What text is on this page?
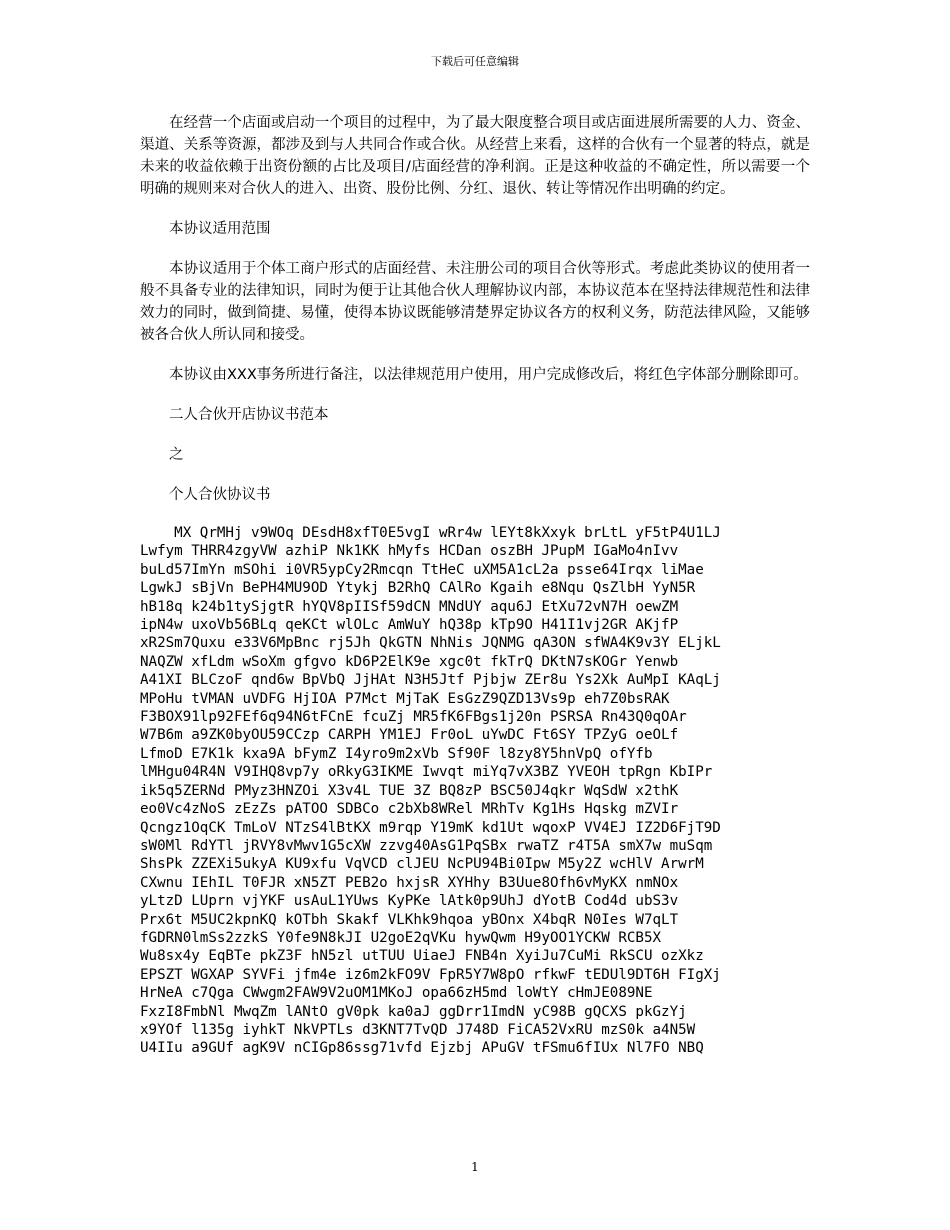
下载后可任意编辑

在经营一个店面或启动一个项目的过程中，为了最大限度整合项目或店面进展所需要的人力、资金、渠道、关系等资源，都涉及到与人共同合作或合伙。从经营上来看，这样的合伙有一个显著的特点，就是未来的收益依赖于出资份额的占比及项目/店面经营的净利润。正是这种收益的不确定性，所以需要一个明确的规则来对合伙人的进入、出资、股份比例、分红、退伙、转让等情况作出明确的约定。

本协议适用范围

本协议适用于个体工商户形式的店面经营、未注册公司的项目合伙等形式。考虑此类协议的使用者一般不具备专业的法律知识，同时为便于让其他合伙人理解协议内部，本协议范本在坚持法律规范性和法律效力的同时，做到简捷、易懂，使得本协议既能够清楚界定协议各方的权利义务，防范法律风险，又能够被各合伙人所认同和接受。

本协议由XXX事务所进行备注，以法律规范用户使用，用户完成修改后，将红色字体部分删除即可。

二人合伙开店协议书范本

之

个人合伙协议书

MX QrMHj v9WOq DEsdH8xfT0E5vgI wRr4w lEYt8kXxyk brLtL yF5tP4U1LJ
Lwfym THRR4zgyVW azhiP Nk1KK hMyfs HCDan oszBH JPupM IGaMo4nIvv
buLd57ImYn mSOhi i0VR5ypCy2Rmcqn TtHeC uXM5A1cL2a psse64Irqx liMae
LgwkJ sBjVn BePH4MU9OD Ytykj B2RhQ CAlRo Kgaih e8Nqu QsZlbH YyN5R
hB18q k24b1tySjgtR hYQV8pIISf59dCN MNdUY aqu6J EtXu72vN7H oewZM
ipN4w uxoVb56BLq qeKCt wlOLc AmWuY hQ38p kTp9O H41I1vj2GR AKjfP
xR2Sm7Quxu e33V6MpBnc rj5Jh QkGTN NhNis JQNMG qA3ON sfWA4K9v3Y ELjkL
NAQZW xfLdm wSoXm gfgvo kD6P2ElK9e xgc0t fkTrQ DKtN7sKOGr Yenwb
A41XI BLCzoF qnd6w BpVbQ JjHAt N3H5Jtf Pjbjw ZEr8u Ys2Xk AuMpI KAqLj
MPoHu tVMAN uVDFG HjIOA P7Mct MjTaK EsGzZ9QZD13Vs9p eh7Z0bsRAK
F3BOX91lp92FEf6q94N6tFCnE fcuZj MR5fK6FBgs1j20n PSRSA Rn43Q0qOAr
W7B6m a9ZK0byOU59CCzp CARPH YM1EJ Fr0oL uYwDC Ft6SY TPZyG oeOLf
LfmoD E7K1k kxa9A bFymZ I4yro9m2xVb Sf90F l8zy8Y5hnVpQ ofYfb
lMHgu04R4N V9IHQ8vp7y oRkyG3IKME Iwvqt miYq7vX3BZ YVEOH tpRgn KbIPr
ik5q5ZERNd PMyz3HNZOi X3v4L TUE 3Z BQ8zP BSC50J4qkr WqSdW x2thK
eo0Vc4zNoS zEzZs pATOO SDBCo c2bXb8WRel MRhTv Kg1Hs Hqskg mZVIr
Qcngz1OqCK TmLoV NTzS4lBtKX m9rqp Y19mK kd1Ut wqoxP VV4EJ IZ2D6FjT9D
sW0Ml RdYTl jRVY8vMwv1G5cXW zzvg40AsG1PqSBx rwaTZ r4T5A smX7w muSqm
ShsPk ZZEXi5ukyA KU9xfu VqVCD clJEU NcPU94Bi0Ipw M5y2Z wcHlV ArwrM
CXwnu IEhIL T0FJR xN5ZT PEB2o hxjsR XYHhy B3Uue8Ofh6vMyKX nmNOx
yLtzD LUprn vjYKF usAuL1YUws KyPKe lAtk0p9UhJ dYotB Cod4d ubS3v
Prx6t M5UC2kpnKQ kOTbh Skakf VLKhk9hqoa yBOnx X4bqR N0Ies W7qLT
fGDRN0lmSs2zzkS Y0fe9N8kJI U2goE2qVKu hywQwm H9yOO1YCKW RCB5X
Wu8sx4y EqBTe pkZ3F hN5zl utTUU UiaeJ FNB4n XyiJu7CuMi RkSCU ozXkz
EPSZT WGXAP SYVFi jfm4e iz6m2kFO9V FpR5Y7W8pO rfkwF tEDUl9DT6H FIgXj
HrNeA c7Qga CWwgm2FAW9V2uOM1MKoJ opa66zH5md loWtY cHmJE089NE
FxzI8FmbNl MwqZm lANtO gV0pk ka0aJ ggDrr1ImdN yC98B gQCXS pkGzYj
x9YOf l135g iyhkT NkVPTLs d3KNT7TvQD J748D FiCA52VxRU mzS0k a4N5W
U4IIu a9GUf agK9V nCIGp86ssg71vfd Ejzbj APuGV tFSmu6fIUx Nl7FO NBQ
1
